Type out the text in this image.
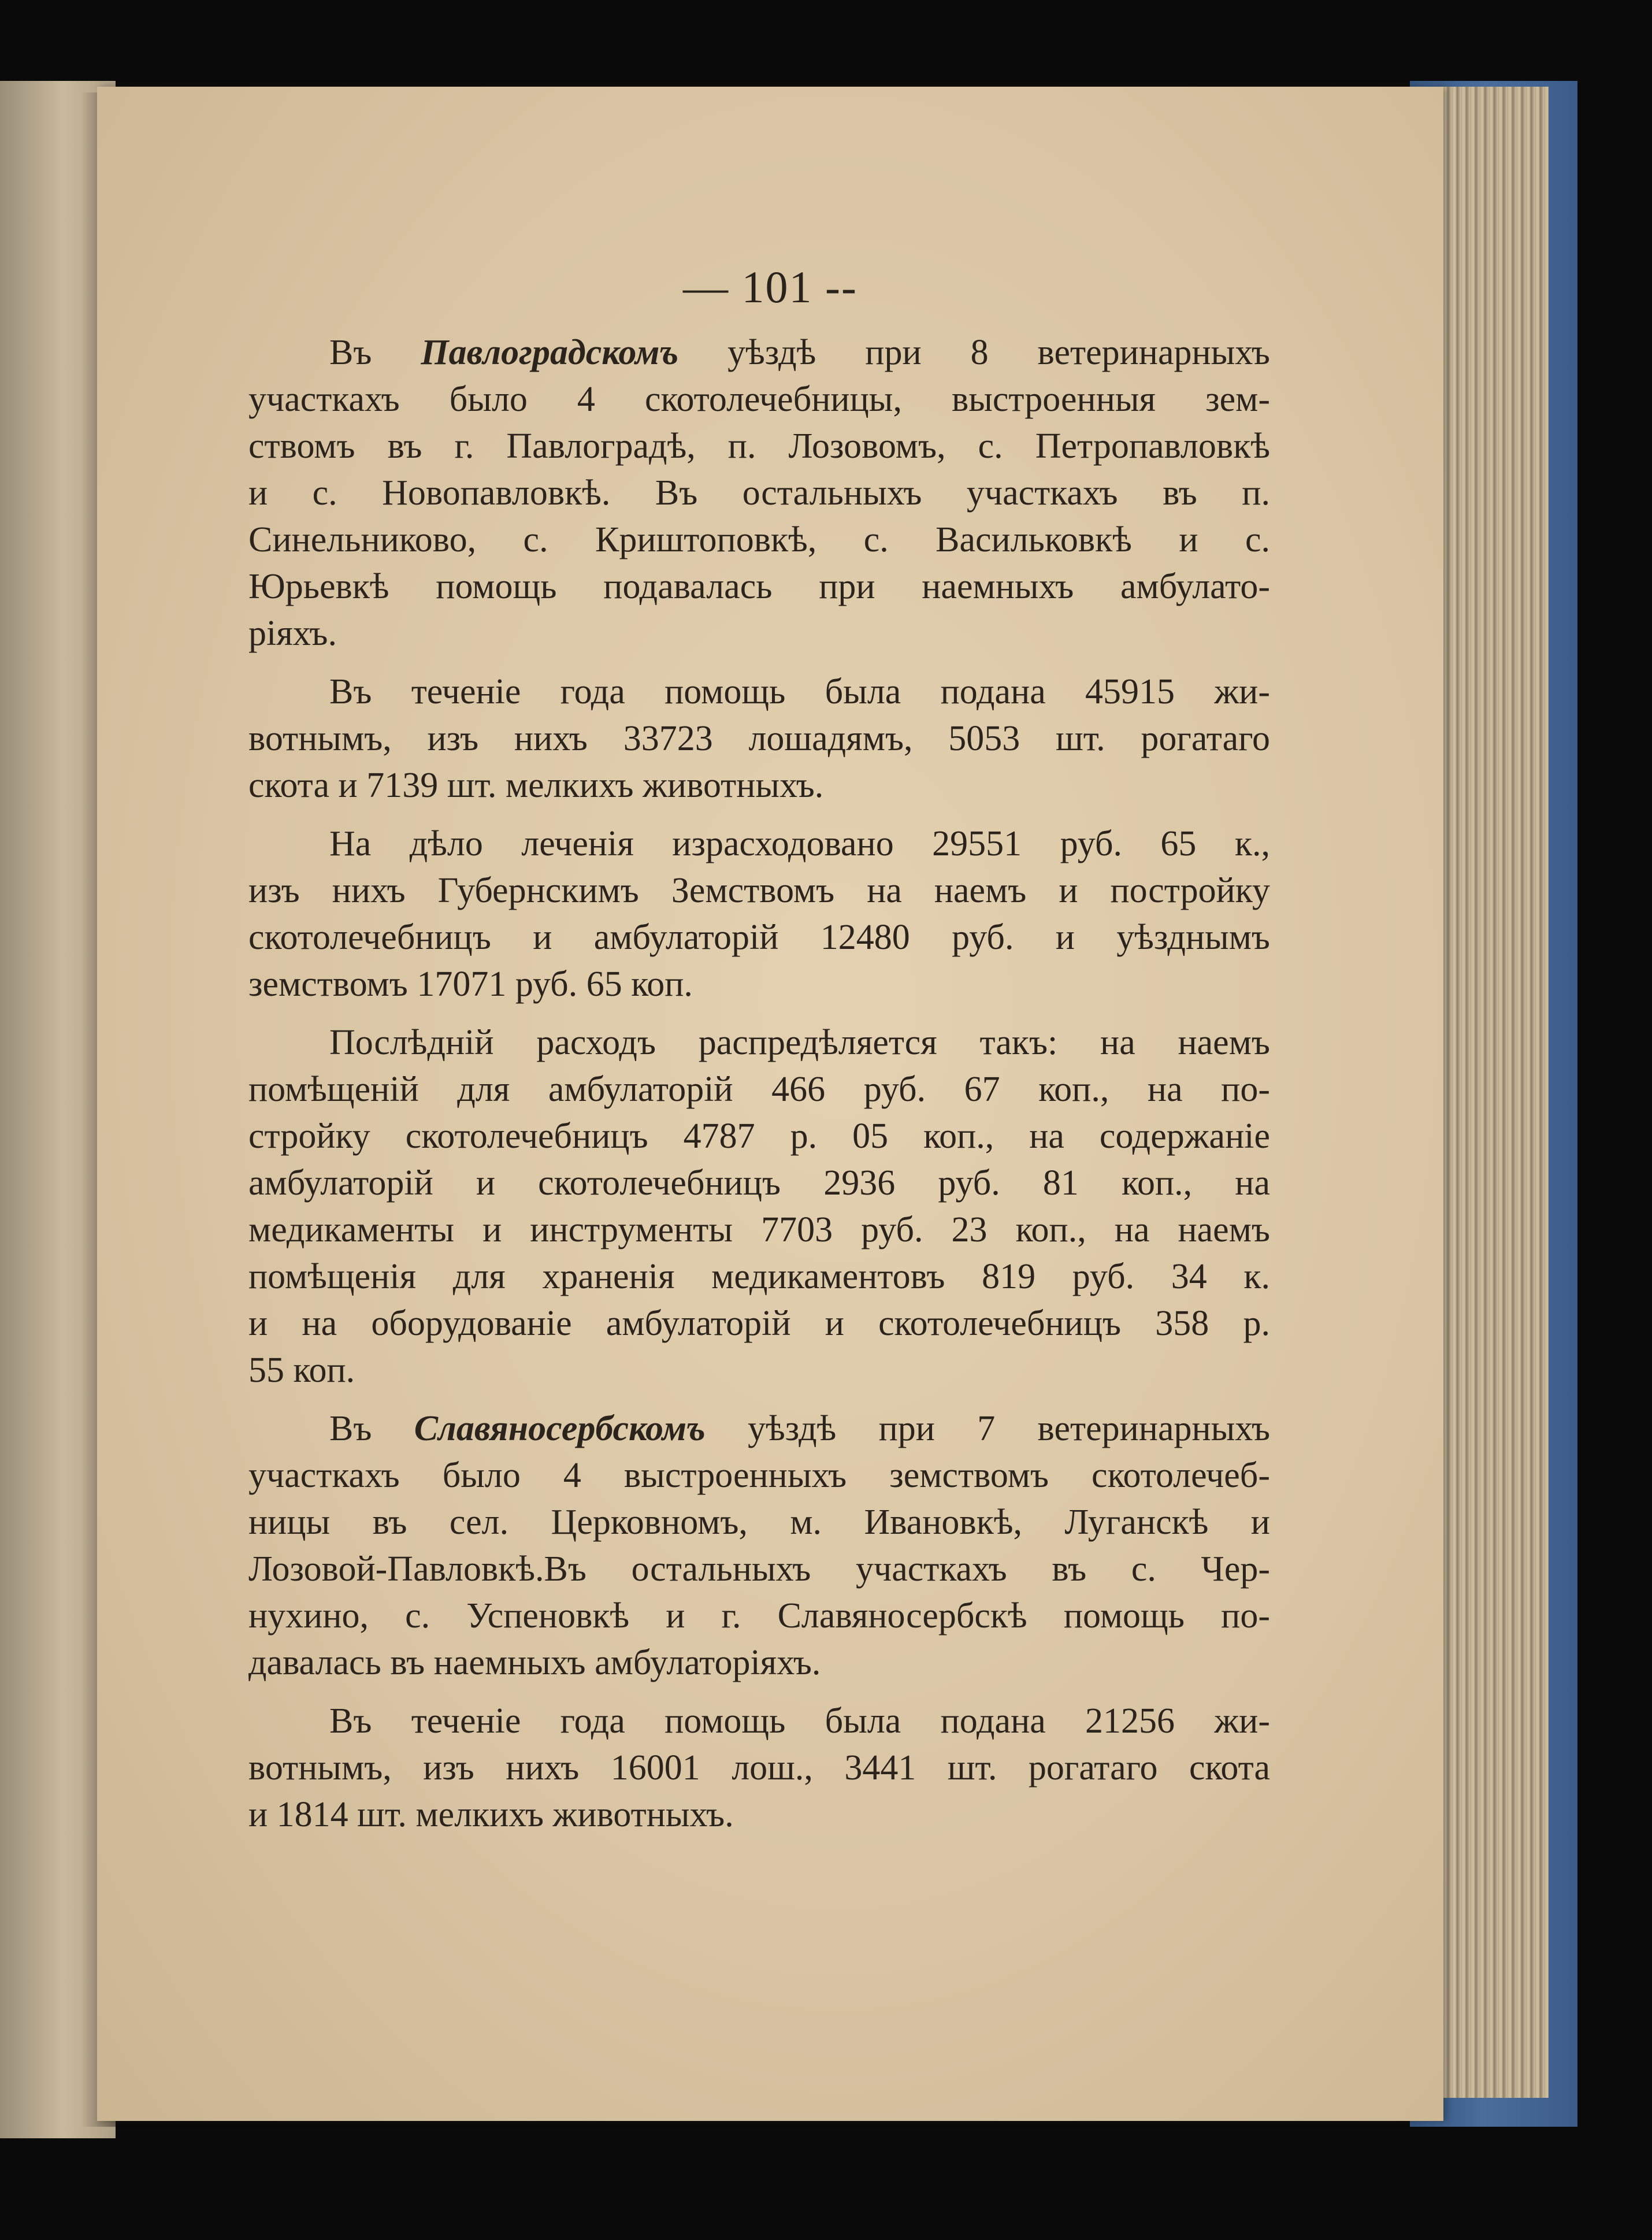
— 101 --
Въ Павлоградскомъ уѣздѣ при 8 ветеринарныхъ
участкахъ было 4 скотолечебницы, выстроенныя зем-
ствомъ въ г. Павлоградѣ, п. Лозовомъ, с. Петропавловкѣ
и с. Новопавловкѣ. Въ остальныхъ участкахъ въ п.
Синельниково, с. Криштоповкѣ, с. Васильковкѣ и с.
Юрьевкѣ помощь подавалась при наемныхъ амбулато-
ріяхъ.
Въ теченіе года помощь была подана 45915 жи-
вотнымъ, изъ нихъ 33723 лошадямъ, 5053 шт. рогатаго
скота и 7139 шт. мелкихъ животныхъ.
На дѣло леченія израсходовано 29551 руб. 65 к.,
изъ нихъ Губернскимъ Земствомъ на наемъ и постройку
скотолечебницъ и амбулаторій 12480 руб. и уѣзднымъ
земствомъ 17071 руб. 65 коп.
Послѣдній расходъ распредѣляется такъ: на наемъ
помѣщеній для амбулаторій 466 руб. 67 коп., на по-
стройку скотолечебницъ 4787 р. 05 коп., на содержаніе
амбулаторій и скотолечебницъ 2936 руб. 81 коп., на
медикаменты и инструменты 7703 руб. 23 коп., на наемъ
помѣщенія для храненія медикаментовъ 819 руб. 34 к.
и на оборудованіе амбулаторій и скотолечебницъ 358 р.
55 коп.
Въ Славяносербскомъ уѣздѣ при 7 ветеринарныхъ
участкахъ было 4 выстроенныхъ земствомъ скотолечеб-
ницы въ сел. Церковномъ, м. Ивановкѣ, Луганскѣ и
Лозовой-Павловкѣ.Въ остальныхъ участкахъ въ с. Чер-
нухино, с. Успеновкѣ и г. Славяносербскѣ помощь по-
давалась въ наемныхъ амбулаторіяхъ.
Въ теченіе года помощь была подана 21256 жи-
вотнымъ, изъ нихъ 16001 лош., 3441 шт. рогатаго скота
и 1814 шт. мелкихъ животныхъ.
